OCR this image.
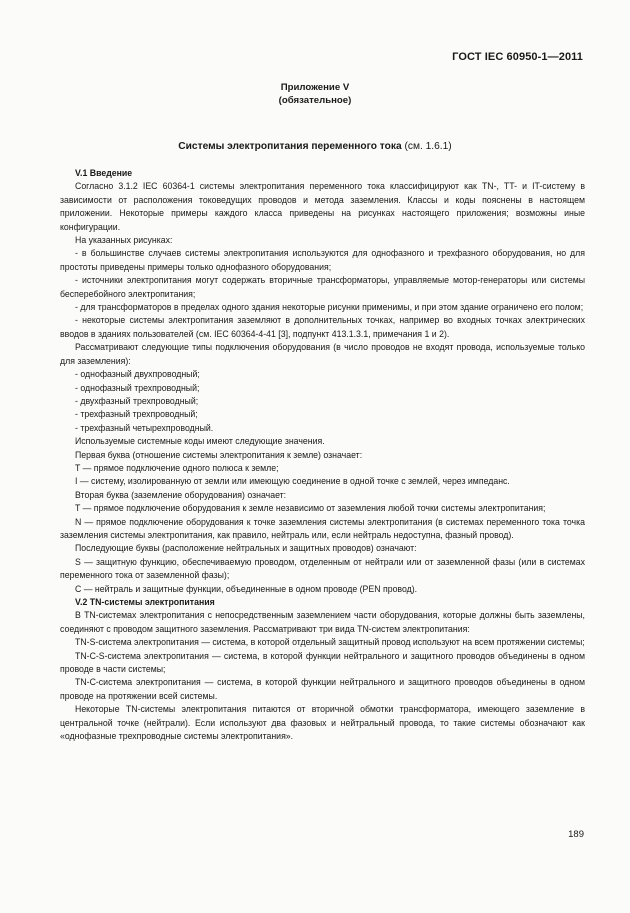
ГОСТ IEC 60950-1—2011
Приложение V
(обязательное)
Системы электропитания переменного тока (см. 1.6.1)

V.1 Введение

Согласно 3.1.2 IEC 60364-1 системы электропитания переменного тока классифицируют как TN-, TT- и IT-систему в зависимости от расположения токоведущих проводов и метода заземления. Классы и коды пояснены в настоящем приложении. Некоторые примеры каждого класса приведены на рисунках настоящего приложения; возможны иные конфигурации.

На указанных рисунках:

- в большинстве случаев системы электропитания используются для однофазного и трехфазного оборудования, но для простоты приведены примеры только однофазного оборудования;

- источники электропитания могут содержать вторичные трансформаторы, управляемые мотор-генераторы или системы бесперебойного электропитания;

- для трансформаторов в пределах одного здания некоторые рисунки применимы, и при этом здание ограничено его полом;

- некоторые системы электропитания заземляют в дополнительных точках, например во входных точках электрических вводов в зданиях пользователей (см. IEC 60364-4-41 [3], подпункт 413.1.3.1, примечания 1 и 2).

Рассматривают следующие типы подключения оборудования (в число проводов не входят провода, используемые только для заземления):

- однофазный двухпроводный;

- однофазный трехпроводный;

- двухфазный трехпроводный;

- трехфазный трехпроводный;

- трехфазный четырехпроводный.

Используемые системные коды имеют следующие значения.

Первая буква (отношение системы электропитания к земле) означает:

T — прямое подключение одного полюса к земле;

I — систему, изолированную от земли или имеющую соединение в одной точке с землей, через импеданс.

Вторая буква (заземление оборудования) означает:

T — прямое подключение оборудования к земле независимо от заземления любой точки системы электропитания;

N — прямое подключение оборудования к точке заземления системы электропитания (в системах переменного тока точка заземления системы электропитания, как правило, нейтраль или, если нейтраль недоступна, фазный провод).

Последующие буквы (расположение нейтральных и защитных проводов) означают:

S — защитную функцию, обеспечиваемую проводом, отделенным от нейтрали или от заземленной фазы (или в системах переменного тока от заземленной фазы);

C — нейтраль и защитные функции, объединенные в одном проводе (PEN провод).

V.2 TN-системы электропитания

В TN-системах электропитания с непосредственным заземлением части оборудования, которые должны быть заземлены, соединяют с проводом защитного заземления. Рассматривают три вида TN-систем электропитания:

TN-S-система электропитания — система, в которой отдельный защитный провод используют на всем протяжении системы;

TN-C-S-система электропитания — система, в которой функции нейтрального и защитного проводов объединены в одном проводе в части системы;

TN-C-система электропитания — система, в которой функции нейтрального и защитного проводов объединены в одном проводе на протяжении всей системы.

Некоторые TN-системы электропитания питаются от вторичной обмотки трансформатора, имеющего заземление в центральной точке (нейтрали). Если используют два фазовых и нейтральный провода, то такие системы обозначают как «однофазные трехпроводные системы электропитания».

189
